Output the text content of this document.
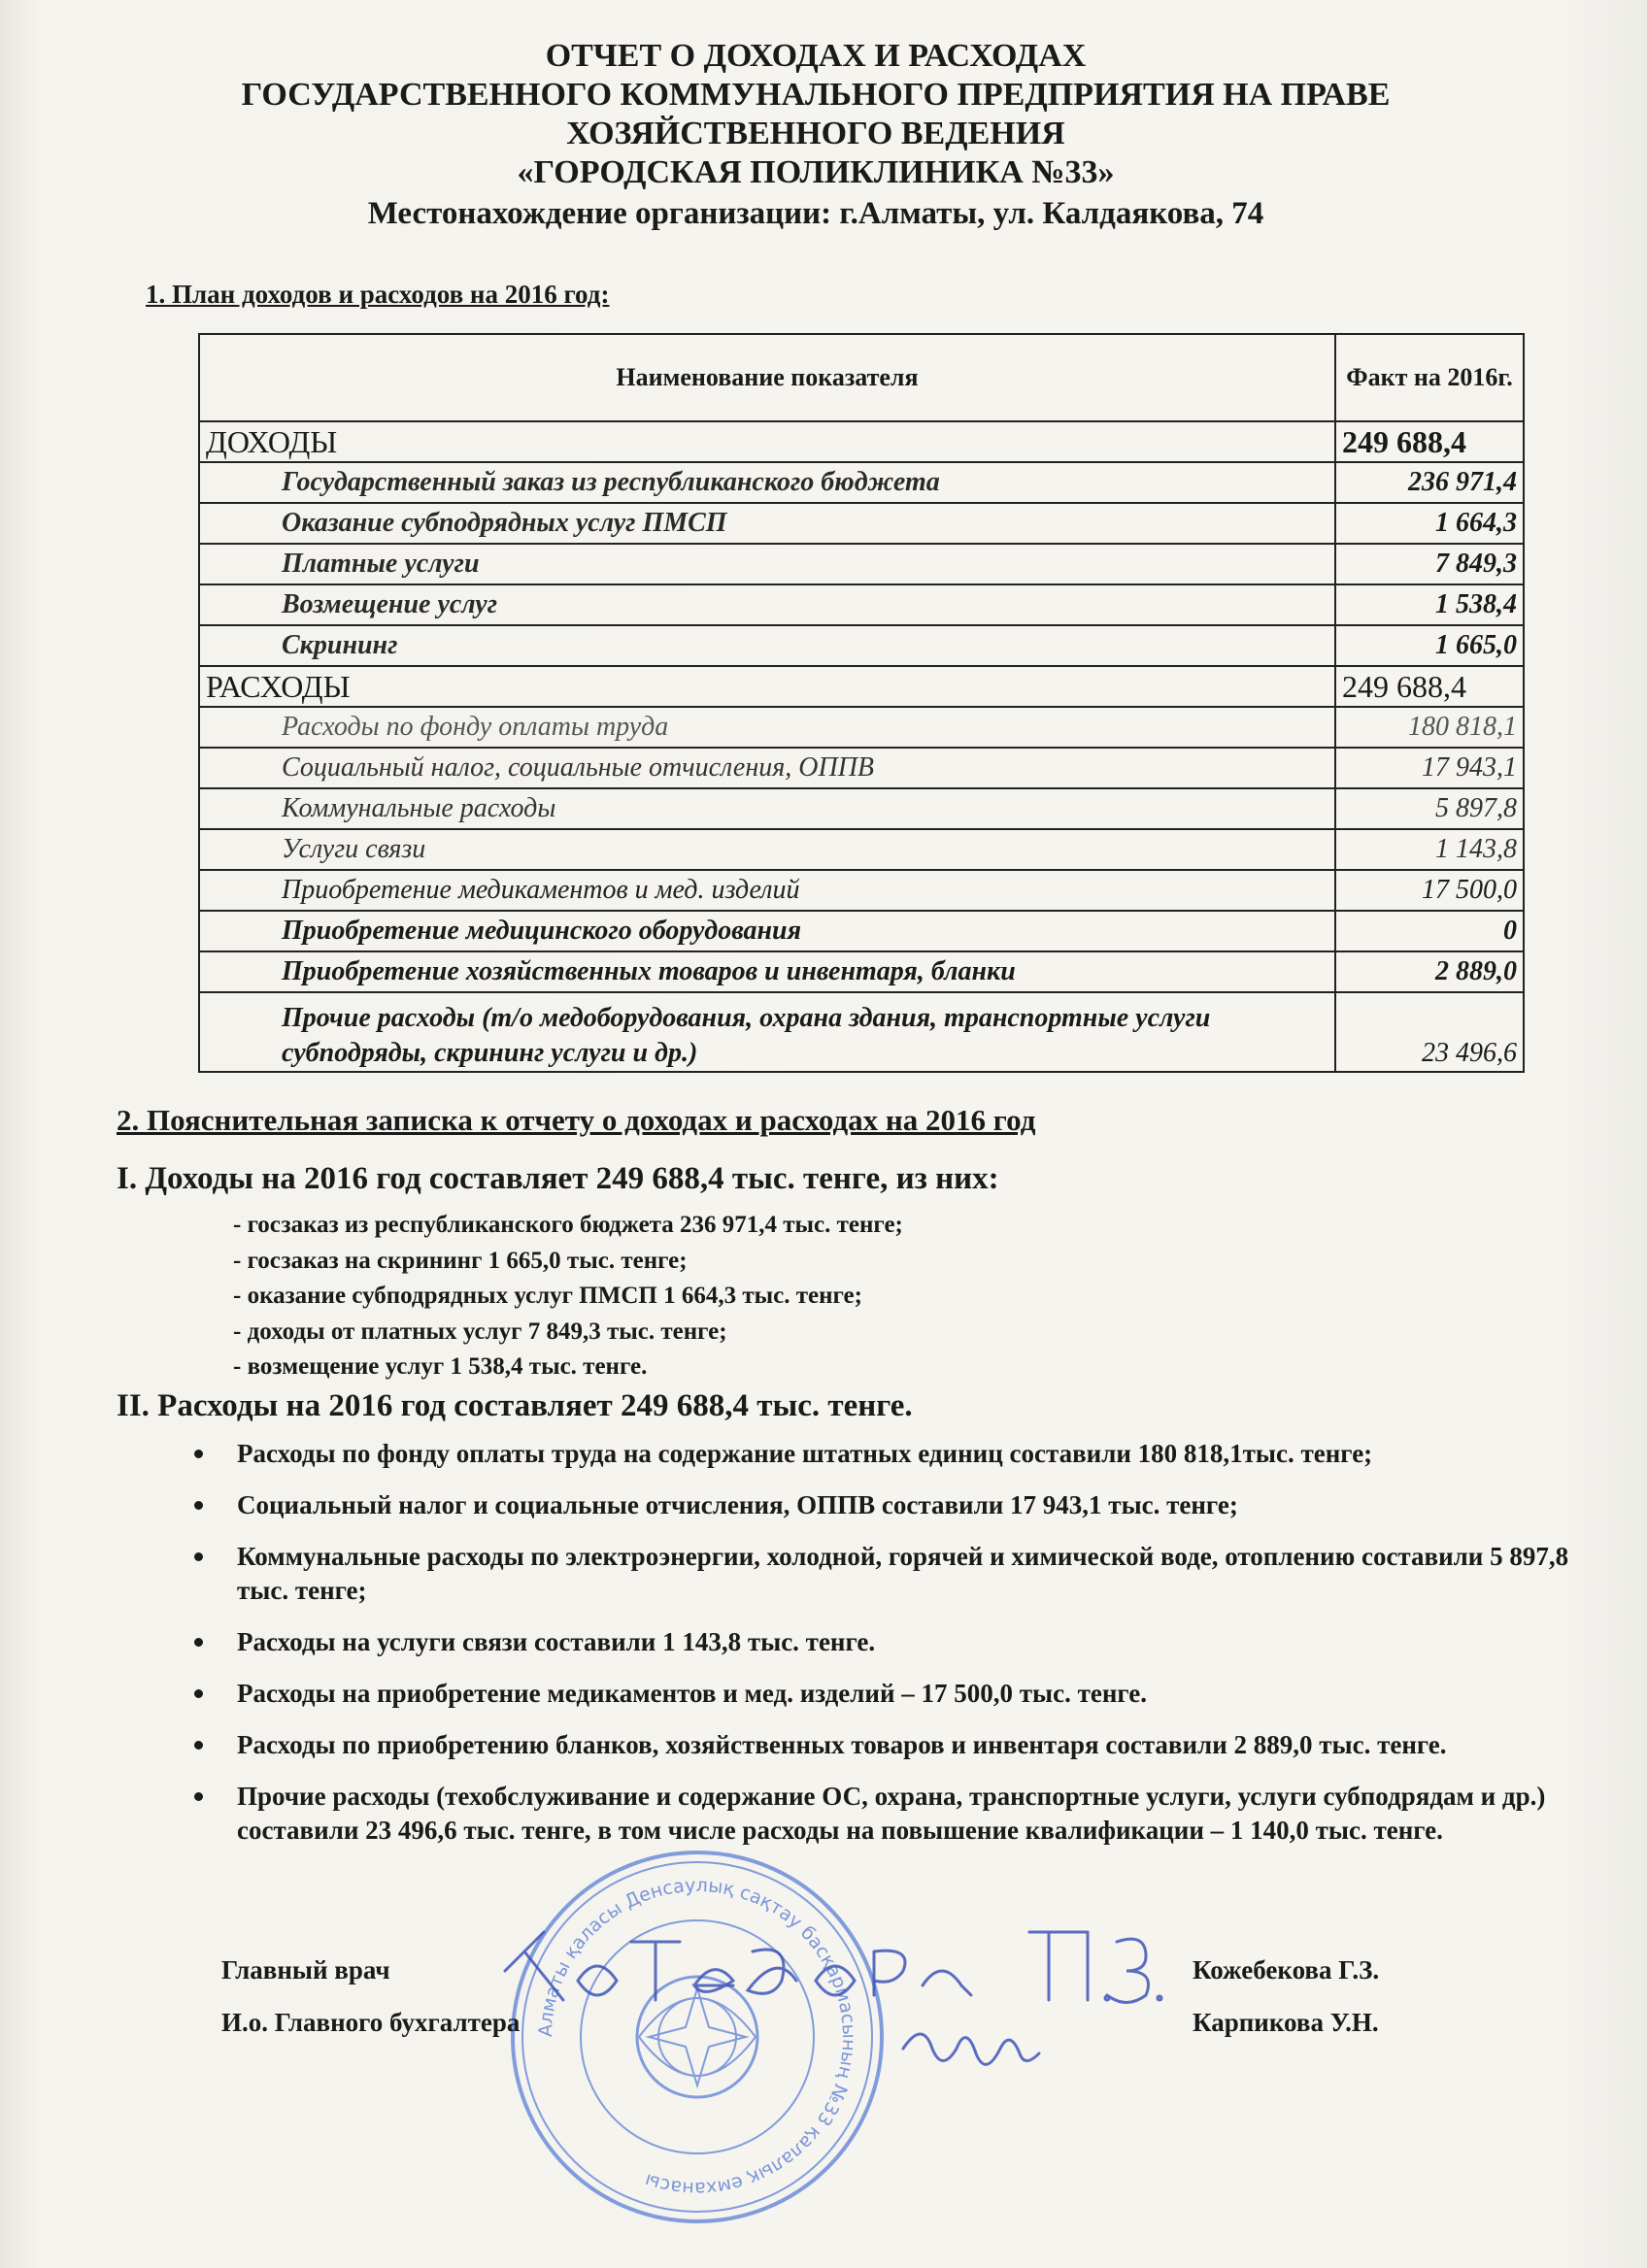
ОТЧЕТ О ДОХОДАХ И РАСХОДАХ
ГОСУДАРСТВЕННОГО КОММУНАЛЬНОГО ПРЕДПРИЯТИЯ НА ПРАВЕ
ХОЗЯЙСТВЕННОГО ВЕДЕНИЯ
«ГОРОДСКАЯ ПОЛИКЛИНИКА №33»
Местонахождение организации: г.Алматы, ул. Калдаякова, 74
1. План доходов и расходов на 2016 год:
Наименование показателя	Факт на 2016г.
ДОХОДЫ	249 688,4
Государственный заказ из республиканского бюджета	236 971,4
Оказание субподрядных услуг ПМСП	1 664,3
Платные услуги	7 849,3
Возмещение услуг	1 538,4
Скрининг	1 665,0
РАСХОДЫ	249 688,4
Расходы по фонду оплаты труда	180 818,1
Социальный налог, социальные отчисления, ОППВ	17 943,1
Коммунальные расходы	5 897,8
Услуги связи	1 143,8
Приобретение медикаментов и мед. изделий	17 500,0
Приобретение медицинского оборудования	0
Приобретение хозяйственных товаров и инвентаря, бланки	2 889,0
Прочие расходы (т/о медоборудования, охрана здания, транспортные услуги субподряды, скрининг услуги и др.)	23 496,6
2. Пояснительная записка к отчету о доходах и расходах на 2016 год
I. Доходы на 2016 год составляет 249 688,4 тыс. тенге, из них:
- госзаказ из республиканского бюджета 236 971,4 тыс. тенге;
- госзаказ на скрининг 1 665,0 тыс. тенге;
- оказание субподрядных услуг ПМСП 1 664,3 тыс. тенге;
- доходы от платных услуг 7 849,3 тыс. тенге;
- возмещение услуг 1 538,4 тыс. тенге.
II. Расходы на 2016 год составляет 249 688,4 тыс. тенге.
Расходы по фонду оплаты труда на содержание штатных единиц составили 180 818,1тыс. тенге;
Социальный налог и социальные отчисления, ОППВ составили 17 943,1 тыс. тенге;
Коммунальные расходы по электроэнергии, холодной, горячей и химической воде, отоплению составили 5 897,8 тыс. тенге;
Расходы на услуги связи составили 1 143,8 тыс. тенге.
Расходы на приобретение медикаментов и мед. изделий – 17 500,0 тыс. тенге.
Расходы по приобретению бланков, хозяйственных товаров и инвентаря составили 2 889,0 тыс. тенге.
Прочие расходы (техобслуживание и содержание ОС, охрана, транспортные услуги, услуги субподрядам и др.) составили 23 496,6 тыс. тенге, в том числе расходы на повышение квалификации – 1 140,0 тыс. тенге.
Алматы қаласы Денсаулық сақтау басқармасының №33 қалалық емханасы
Главный врач	Кожебекова Г.З.
И.о. Главного бухгалтера	Карпикова У.Н.
